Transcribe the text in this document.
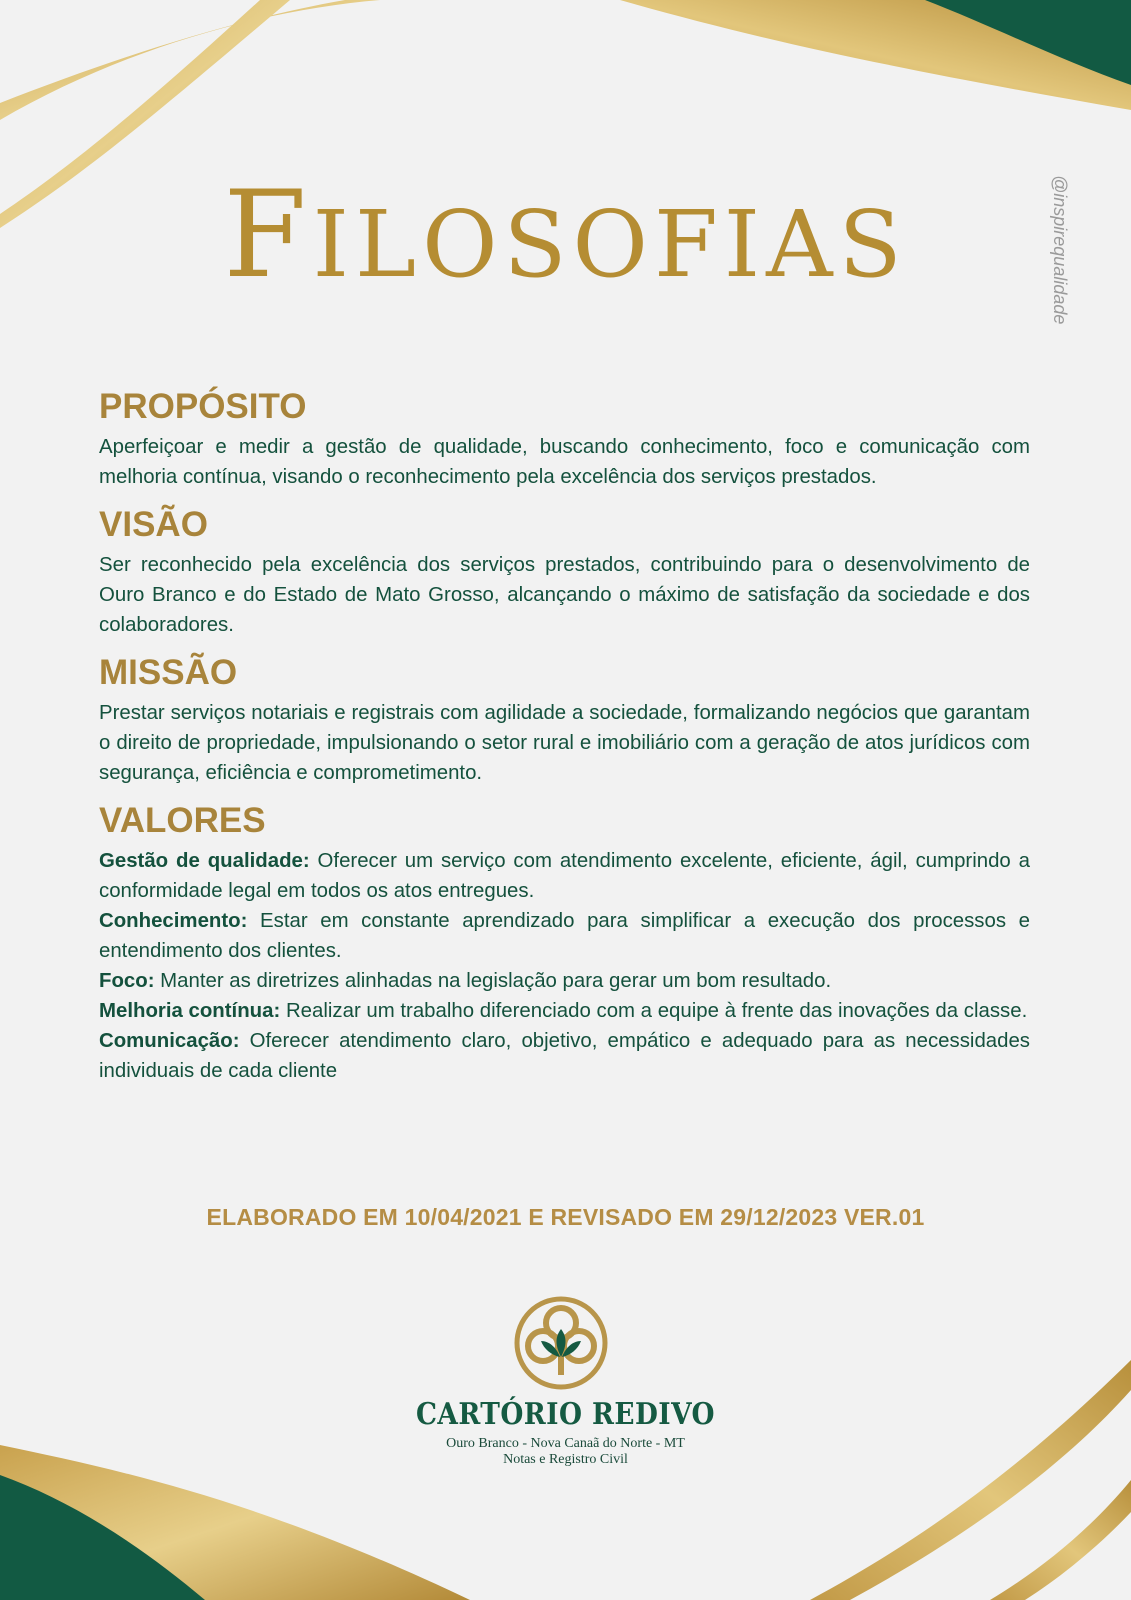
FILOSOFIAS	@inspirequalidade
PROPÓSITO

Aperfeiçoar e medir a gestão de qualidade, buscando conhecimento, foco e comunicação com melhoria contínua, visando o reconhecimento pela excelência dos serviços prestados.

VISÃO

Ser reconhecido pela excelência dos serviços prestados, contribuindo para o desenvolvimento de Ouro Branco e do Estado de Mato Grosso, alcançando o máximo de satisfação da sociedade e dos colaboradores.

MISSÃO

Prestar serviços notariais e registrais com agilidade a sociedade, formalizando negócios que garantam o direito de propriedade, impulsionando o setor rural e imobiliário com a geração de atos jurídicos com segurança, eficiência e comprometimento.

VALORES

Gestão de qualidade: Oferecer um serviço com atendimento excelente, eficiente, ágil, cumprindo a conformidade legal em todos os atos entregues.

Conhecimento: Estar em constante aprendizado para simplificar a execução dos processos e entendimento dos clientes.

Foco: Manter as diretrizes alinhadas na legislação para gerar um bom resultado.

Melhoria contínua: Realizar um trabalho diferenciado com a equipe à frente das inovações da classe.

Comunicação: Oferecer atendimento claro, objetivo, empático e adequado para as necessidades individuais de cada cliente

ELABORADO EM 10/04/2021 E REVISADO EM 29/12/2023 VER.01

CARTÓRIO REDIVO

Ouro Branco - Nova Canaã do Norte - MT

Notas e Registro Civil
